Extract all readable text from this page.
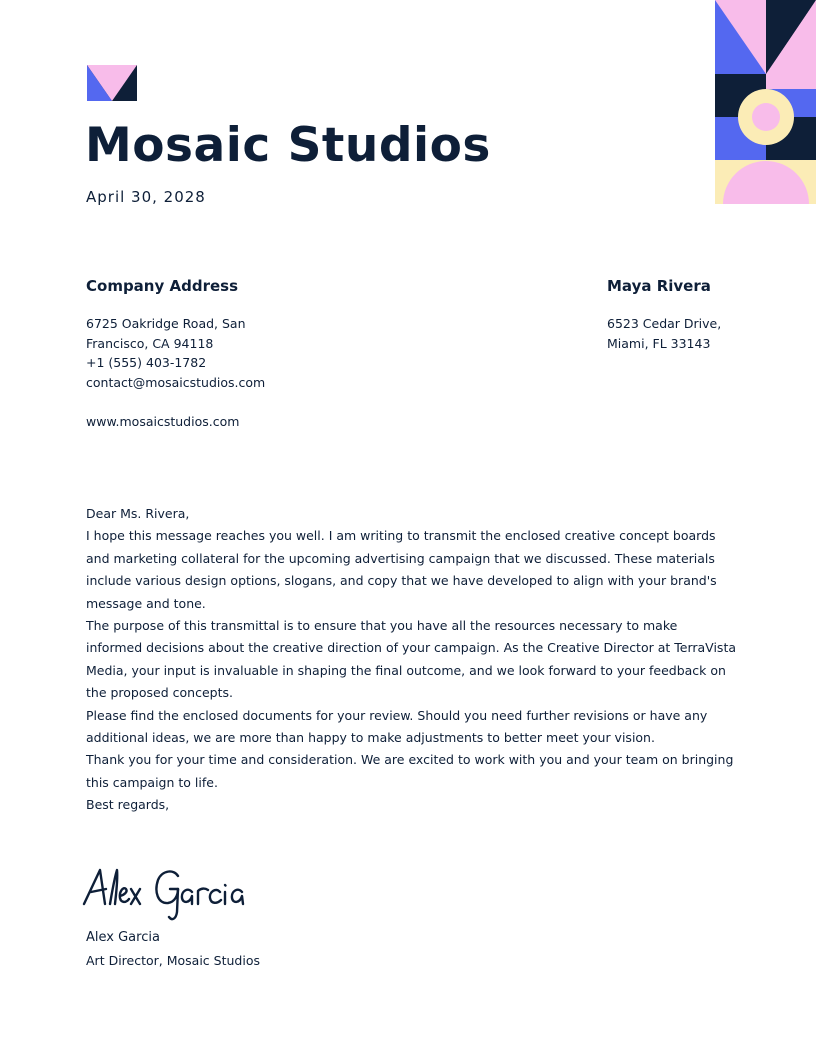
Mosaic Studios
April 30, 2028
Company Address
6725 Oakridge Road, San
Francisco, CA 94118
+1 (555) 403-1782
contact@mosaicstudios.com
www.mosaicstudios.com
Maya Rivera
6523 Cedar Drive,
Miami, FL 33143

Dear Ms. Rivera,

I hope this message reaches you well. I am writing to transmit the enclosed creative concept boards and marketing collateral for the upcoming advertising campaign that we discussed. These materials include various design options, slogans, and copy that we have developed to align with your brand's message and tone.

The purpose of this transmittal is to ensure that you have all the resources necessary to make informed decisions about the creative direction of your campaign. As the Creative Director at TerraVista Media, your input is invaluable in shaping the final outcome, and we look forward to your feedback on the proposed concepts.

Please find the enclosed documents for your review. Should you need further revisions or have any additional ideas, we are more than happy to make adjustments to better meet your vision.

Thank you for your time and consideration. We are excited to work with you and your team on bringing this campaign to life.

Best regards,

Alex Garcia
Art Director, Mosaic Studios
